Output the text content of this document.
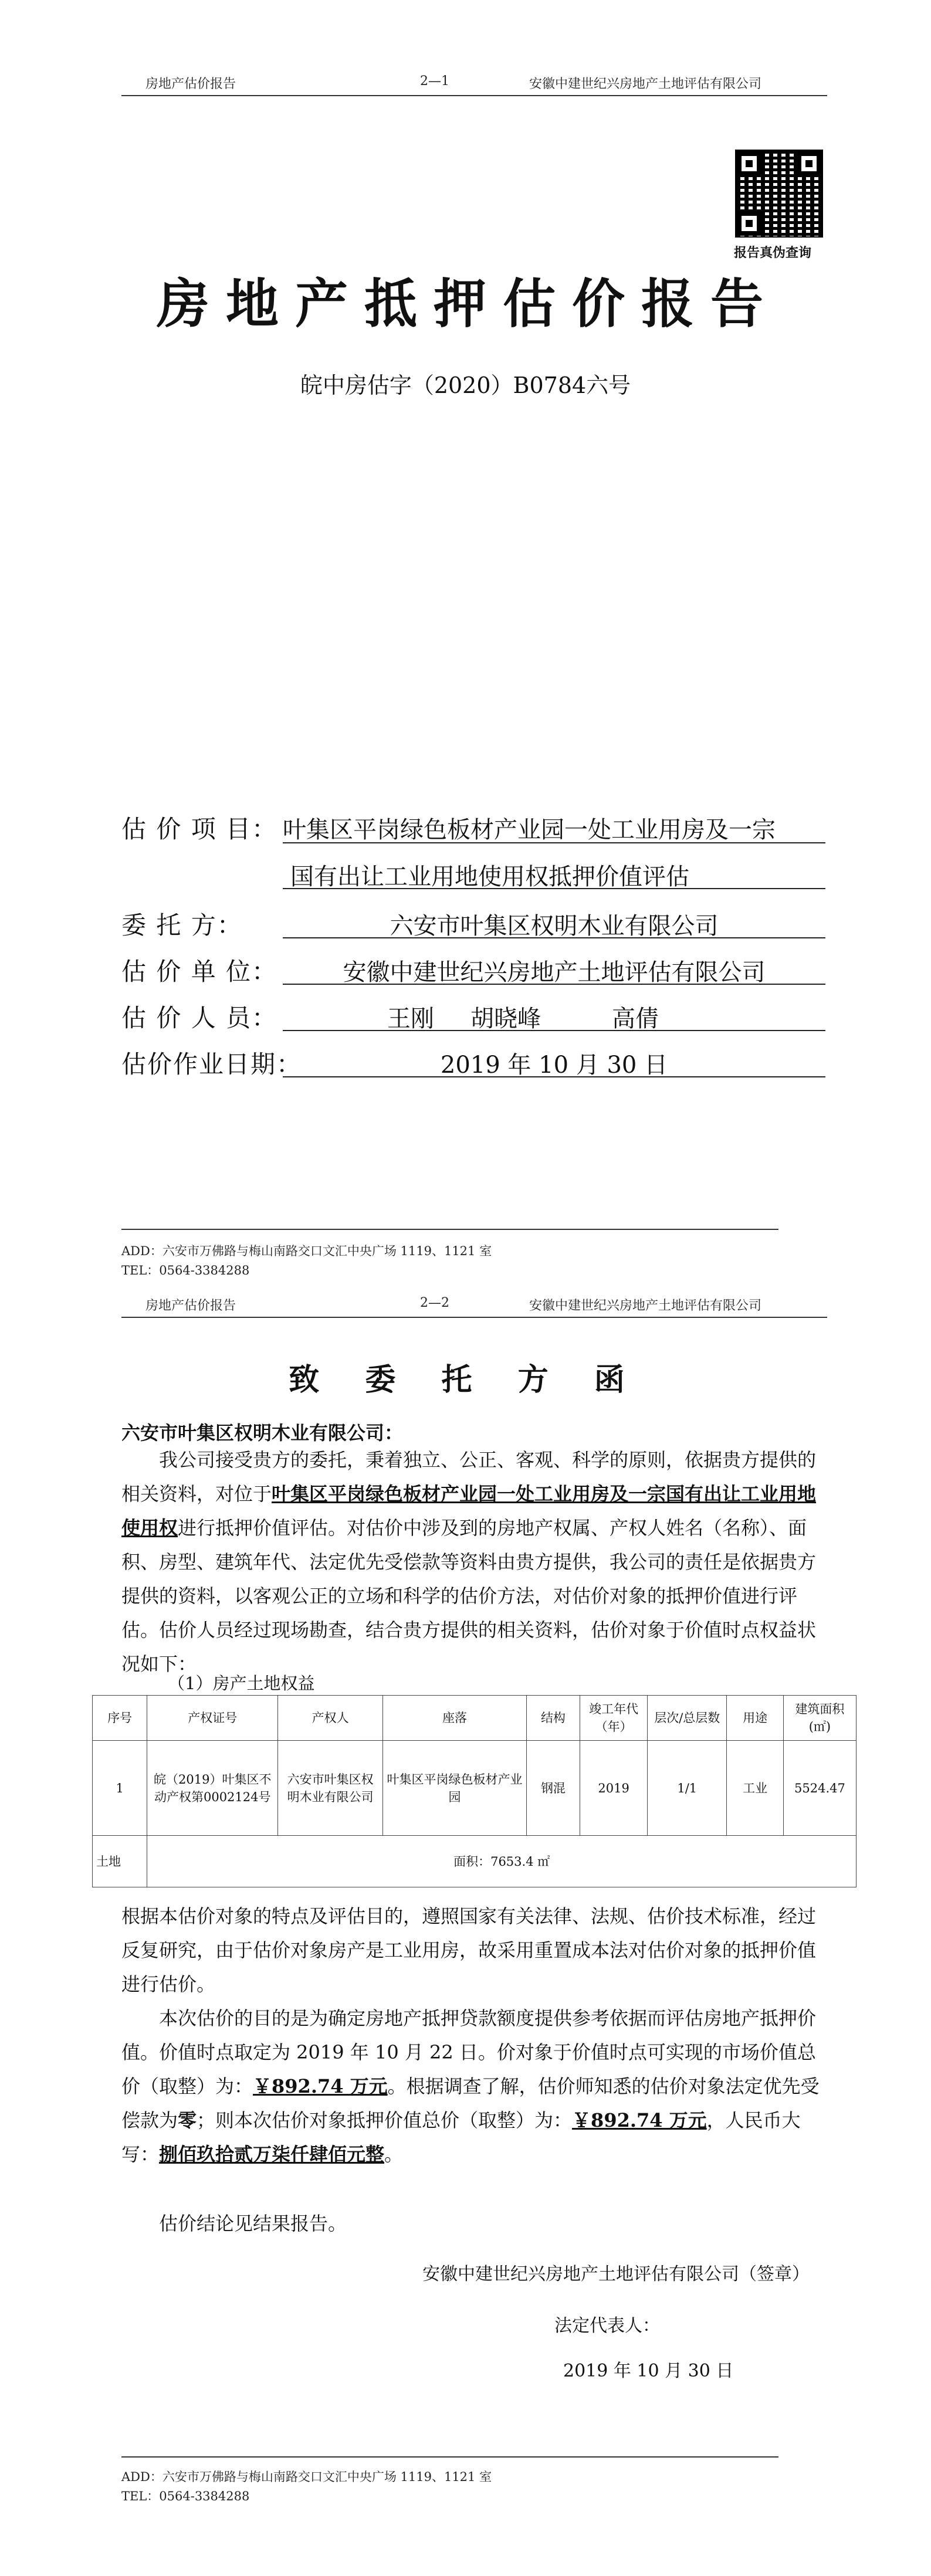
房地产估价报告	2—1	安徽中建世纪兴房地产土地评估有限公司
报告真伪查询
房地产抵押估价报告
皖中房估字（2020）B0784六号
估 价 项 目： 叶集区平岗绿色板材产业园一处工业用房及一宗
国有出让工业用地使用权抵押价值评估
委 托 方：	六安市叶集区权明木业有限公司
估 价 单 位：	安徽中建世纪兴房地产土地评估有限公司
估 价 人 员：	王刚 胡晓峰	高倩
估价作业日期：	2019 年 10 月 30 日
ADD：六安市万佛路与梅山南路交口文汇中央广场 1119、1121 室
TEL：0564-3384288
房地产估价报告	2—2	安徽中建世纪兴房地产土地评估有限公司
致 委 托 方 函
六安市叶集区权明木业有限公司：
我公司接受贵方的委托，秉着独立、公正、客观、科学的原则，依据贵方提供的相关资料，对位于叶集区平岗绿色板材产业园一处工业用房及一宗国有出让工业用地使用权进行抵押价值评估。对估价中涉及到的房地产权属、产权人姓名（名称）、面积、房型、建筑年代、法定优先受偿款等资料由贵方提供，我公司的责任是依据贵方提供的资料，以客观公正的立场和科学的估价方法，对估价对象的抵押价值进行评估。 估价人员经过现场勘查，结合贵方提供的相关资料，估价对象于价值时点权益状况如下：
（1）房产土地权益
序号	产权证号	产权人	座落	结构	竣工年代（年）	层次/总层数	用途	建筑面积(㎡)
1	皖（2019）叶集区不动产权第0002124号	六安市叶集区权明木业有限公司	叶集区平岗绿色板材产业园	钢混	2019	1/1	工业	5524.47
土地	面积：7653.4 ㎡							
根据本估价对象的特点及评估目的，遵照国家有关法律、法规、估价技术标准，经过反复研究，由于估价对象房产是工业用房，故采用重置成本法对估价对象的抵押价值进行估价。
本次估价的目的是为确定房地产抵押贷款额度提供参考依据而评估房地产抵押价值。价值时点取定为 2019 年 10 月 22 日。价对象于价值时点可实现的市场价值总价（取整）为：￥892.74 万元。根据调查了解，估价师知悉的估价对象法定优先受偿款为零；则本次估价对象抵押价值总价（取整）为：￥892.74 万元，人民币大写：捌佰玖拾贰万柒仟肆佰元整。
估价结论见结果报告。
安徽中建世纪兴房地产土地评估有限公司（签章）
法定代表人：
2019 年 10 月 30 日
ADD：六安市万佛路与梅山南路交口文汇中央广场 1119、1121 室
TEL：0564-3384288
